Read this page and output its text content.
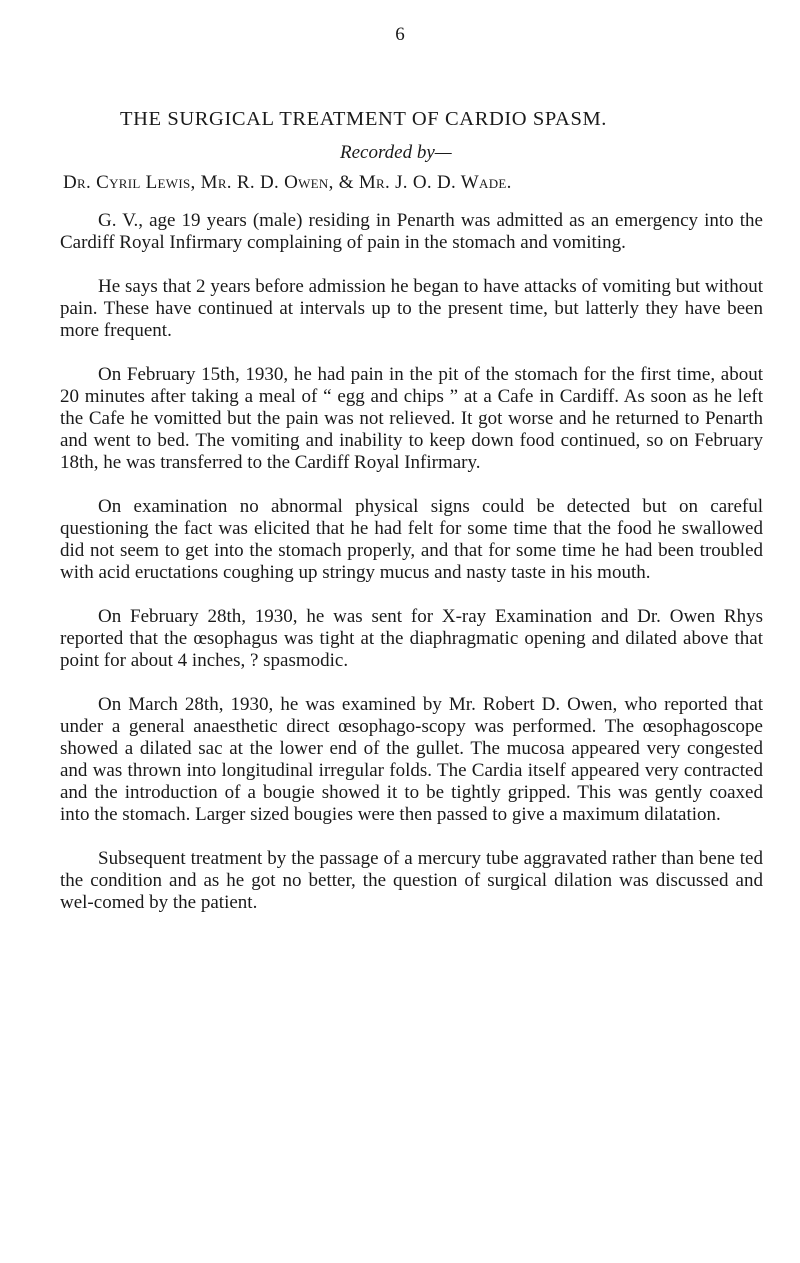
6
THE SURGICAL TREATMENT OF CARDIO SPASM.
Recorded by—
Dr. Cyril Lewis, Mr. R. D. Owen, & Mr. J. O. D. Wade.

G. V., age 19 years (male) residing in Penarth was admitted as an emergency into the Cardiff Royal Infirmary complaining of pain in the stomach and vomiting.

He says that 2 years before admission he began to have attacks of vomiting but without pain. These have continued at intervals up to the present time, but latterly they have been more frequent.

On February 15th, 1930, he had pain in the pit of the stomach for the first time, about 20 minutes after taking a meal of “ egg and chips ” at a Cafe in Cardiff. As soon as he left the Cafe he vomitted but the pain was not relieved. It got worse and he returned to Penarth and went to bed. The vomiting and inability to keep down food continued, so on February 18th, he was transferred to the Cardiff Royal Infirmary.

On examination no abnormal physical signs could be detected but on careful questioning the fact was elicited that he had felt for some time that the food he swallowed did not seem to get into the stomach properly, and that for some time he had been troubled with acid eructations coughing up stringy mucus and nasty taste in his mouth.

On February 28th, 1930, he was sent for X-ray Examination and Dr. Owen Rhys reported that the œsophagus was tight at the diaphragmatic opening and dilated above that point for about 4 inches, ? spasmodic.

On March 28th, 1930, he was examined by Mr. Robert D. Owen, who reported that under a general anaesthetic direct œsophago-scopy was performed. The œsophagoscope showed a dilated sac at the lower end of the gullet. The mucosa appeared very congested and was thrown into longitudinal irregular folds. The Cardia itself appeared very contracted and the introduction of a bougie showed it to be tightly gripped. This was gently coaxed into the stomach. Larger sized bougies were then passed to give a maximum dilatation.

Subsequent treatment by the passage of a mercury tube aggravated rather than bene ted the condition and as he got no better, the question of surgical dilation was discussed and wel-comed by the patient.
